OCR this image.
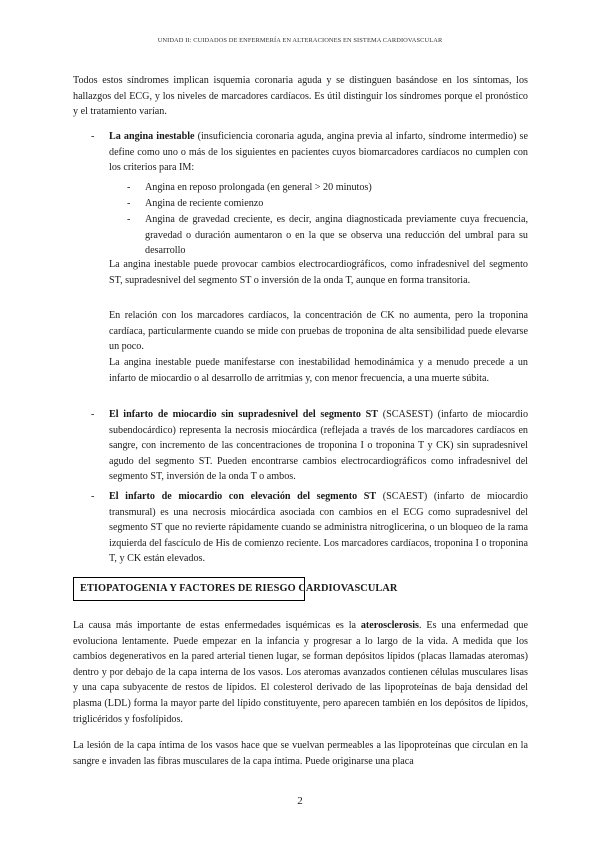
UNIDAD II: CUIDADOS DE ENFERMERÍA EN ALTERACIONES EN SISTEMA CARDIOVASCULAR

Todos estos síndromes implican isquemia coronaria aguda y se distinguen basándose en los síntomas, los hallazgos del ECG, y los niveles de marcadores cardíacos. Es útil distinguir los síndromes porque el pronóstico y el tratamiento varían.

- La angina inestable (insuficiencia coronaria aguda, angina previa al infarto, síndrome intermedio) se define como uno o más de los siguientes en pacientes cuyos biomarcadores cardíacos no cumplen con los criterios para IM:

- Angina en reposo prolongada (en general > 20 minutos)

- Angina de reciente comienzo

- Angina de gravedad creciente, es decir, angina diagnosticada previamente cuya frecuencia, gravedad o duración aumentaron o en la que se observa una reducción del umbral para su desarrollo

La angina inestable puede provocar cambios electrocardiográficos, como infradesnivel del segmento ST, supradesnivel del segmento ST o inversión de la onda T, aunque en forma transitoria.

En relación con los marcadores cardíacos, la concentración de CK no aumenta, pero la troponina cardíaca, particularmente cuando se mide con pruebas de troponina de alta sensibilidad puede elevarse un poco.

La angina inestable puede manifestarse con inestabilidad hemodinámica y a menudo precede a un infarto de miocardio o al desarrollo de arritmias y, con menor frecuencia, a una muerte súbita.

- El infarto de miocardio sin supradesnivel del segmento ST (SCASEST) (infarto de miocardio subendocárdico) representa la necrosis miocárdica (reflejada a través de los marcadores cardíacos en sangre, con incremento de las concentraciones de troponina I o troponina T y CK) sin supradesnivel agudo del segmento ST. Pueden encontrarse cambios electrocardiográficos como infradesnivel del segmento ST, inversión de la onda T o ambos.

- El infarto de miocardio con elevación del segmento ST (SCAEST) (infarto de miocardio transmural) es una necrosis miocárdica asociada con cambios en el ECG como supradesnivel del segmento ST que no revierte rápidamente cuando se administra nitroglicerina, o un bloqueo de la rama izquierda del fascículo de His de comienzo reciente. Los marcadores cardíacos, troponina I o troponina T, y CK están elevados.

ETIOPATOGENIA Y FACTORES DE RIESGO CARDIOVASCULAR

La causa más importante de estas enfermedades isquémicas es la aterosclerosis. Es una enfermedad que evoluciona lentamente. Puede empezar en la infancia y progresar a lo largo de la vida. A medida que los cambios degenerativos en la pared arterial tienen lugar, se forman depósitos lípidos (placas llamadas ateromas) dentro y por debajo de la capa interna de los vasos. Los ateromas avanzados contienen células musculares lisas y una capa subyacente de restos de lípidos. El colesterol derivado de las lipoproteínas de baja densidad del plasma (LDL) forma la mayor parte del lípido constituyente, pero aparecen también en los depósitos de lípidos, triglicéridos y fosfolípidos.

La lesión de la capa íntima de los vasos hace que se vuelvan permeables a las lipoproteínas que circulan en la sangre e invaden las fibras musculares de la capa íntima. Puede originarse una placa

2
